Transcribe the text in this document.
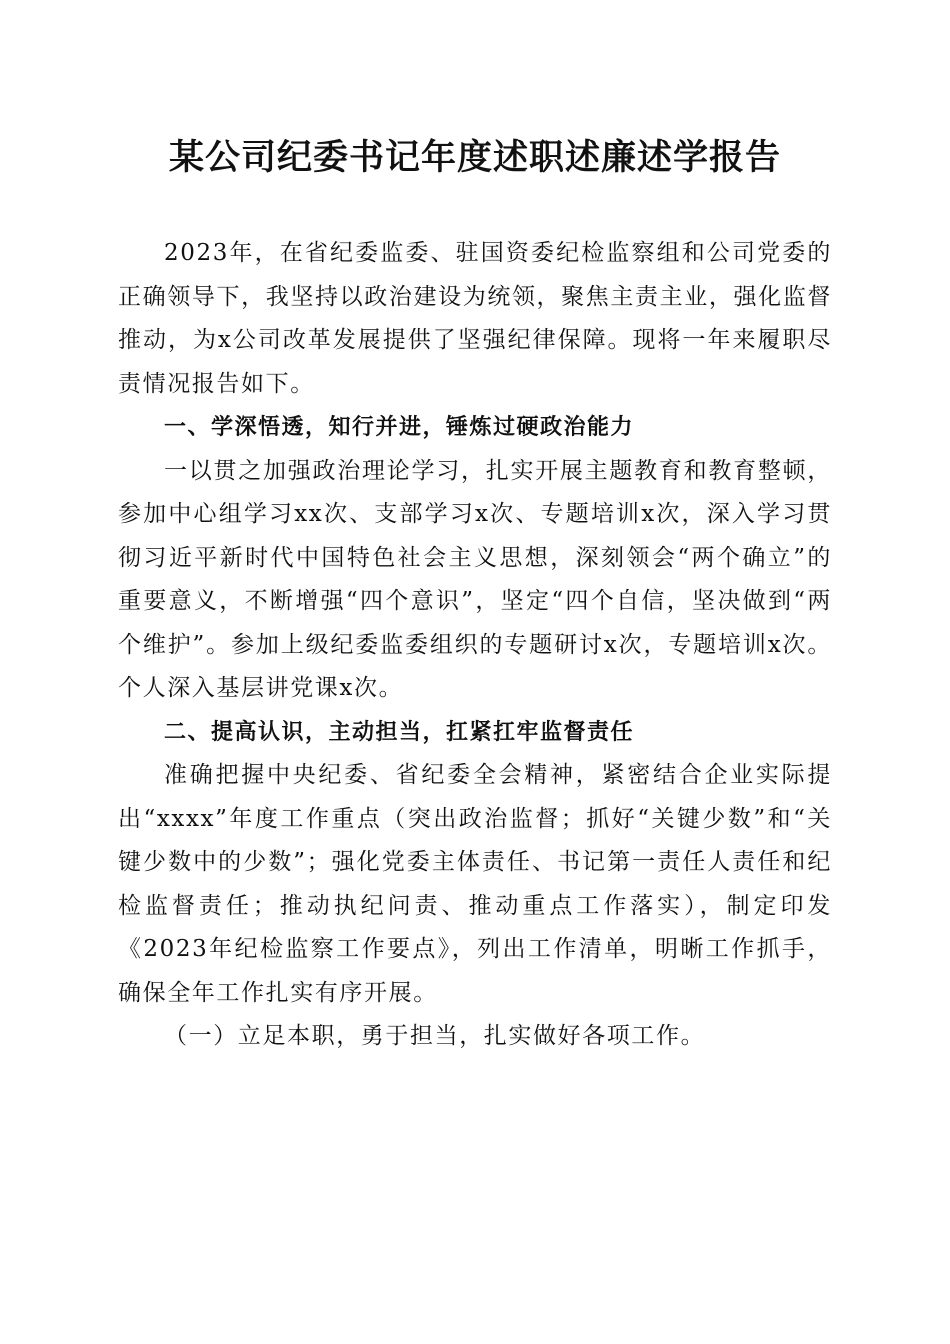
某公司纪委书记年度述职述廉述学报告

2023年，在省纪委监委、驻国资委纪检监察组和公司党委的正确领导下，我坚持以政治建设为统领，聚焦主责主业，强化监督推动，为x公司改革发展提供了坚强纪律保障。现将一年来履职尽责情况报告如下。

一、学深悟透，知行并进，锤炼过硬政治能力

一以贯之加强政治理论学习，扎实开展主题教育和教育整顿，参加中心组学习xx次、支部学习x次、专题培训x次，深入学习贯彻习近平新时代中国特色社会主义思想，深刻领会“两个确立”的重要意义，不断增强“四个意识”，坚定“四个自信，坚决做到“两个维护”。参加上级纪委监委组织的专题研讨x次，专题培训x次。个人深入基层讲党课x次。

二、提高认识，主动担当，扛紧扛牢监督责任

准确把握中央纪委、省纪委全会精神，紧密结合企业实际提出“xxxx”年度工作重点（突出政治监督；抓好“关键少数”和“关键少数中的少数”；强化党委主体责任、书记第一责任人责任和纪检监督责任；推动执纪问责、推动重点工作落实），制定印发《2023年纪检监察工作要点》，列出工作清单，明晰工作抓手，确保全年工作扎实有序开展。

（一）立足本职，勇于担当，扎实做好各项工作。
